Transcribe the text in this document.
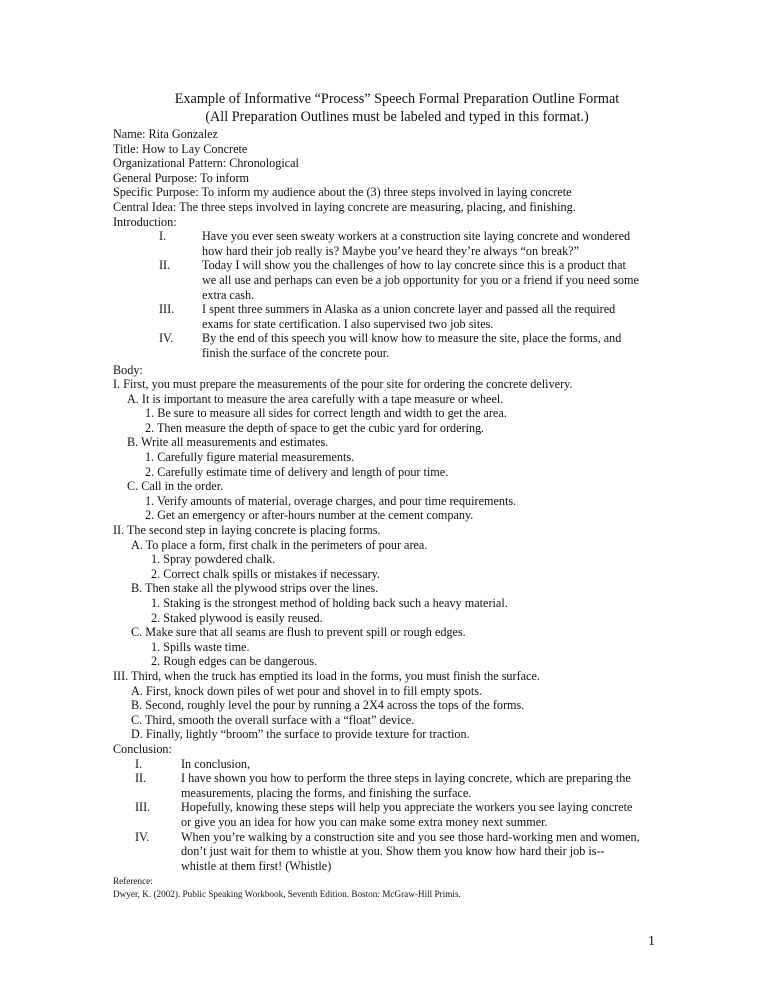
Example of Informative “Process” Speech Formal Preparation Outline Format
(All Preparation Outlines must be labeled and typed in this format.)
Name: Rita Gonzalez
Title: How to Lay Concrete
Organizational Pattern: Chronological
General Purpose: To inform
Specific Purpose: To inform my audience about the (3) three steps involved in laying concrete
Central Idea: The three steps involved in laying concrete are measuring, placing, and finishing.
Introduction:
I.	Have you ever seen sweaty workers at a construction site laying concrete and wondered
how hard their job really is? Maybe you’ve heard they’re always “on break?”
II.	Today I will show you the challenges of how to lay concrete since this is a product that
we all use and perhaps can even be a job opportunity for you or a friend if you need some
extra cash.
III.	I spent three summers in Alaska as a union concrete layer and passed all the required
exams for state certification. I also supervised two job sites.
IV.	By the end of this speech you will know how to measure the site, place the forms, and
finish the surface of the concrete pour.
Body:
I. First, you must prepare the measurements of the pour site for ordering the concrete delivery.
A. It is important to measure the area carefully with a tape measure or wheel.
1. Be sure to measure all sides for correct length and width to get the area.
2. Then measure the depth of space to get the cubic yard for ordering.
B. Write all measurements and estimates.
1. Carefully figure material measurements.
2. Carefully estimate time of delivery and length of pour time.
C. Call in the order.
1. Verify amounts of material, overage charges, and pour time requirements.
2. Get an emergency or after-hours number at the cement company.
II. The second step in laying concrete is placing forms.
A. To place a form, first chalk in the perimeters of pour area.
1. Spray powdered chalk.
2. Correct chalk spills or mistakes if necessary.
B. Then stake all the plywood strips over the lines.
1. Staking is the strongest method of holding back such a heavy material.
2. Staked plywood is easily reused.
C. Make sure that all seams are flush to prevent spill or rough edges.
1. Spills waste time.
2. Rough edges can be dangerous.
III. Third, when the truck has emptied its load in the forms, you must finish the surface.
A. First, knock down piles of wet pour and shovel in to fill empty spots.
B. Second, roughly level the pour by running a 2X4 across the tops of the forms.
C. Third, smooth the overall surface with a “float” device.
D. Finally, lightly “broom” the surface to provide texture for traction.
Conclusion:
I.	In conclusion,
II.	I have shown you how to perform the three steps in laying concrete, which are preparing the
measurements, placing the forms, and finishing the surface.
III.	Hopefully, knowing these steps will help you appreciate the workers you see laying concrete
or give you an idea for how you can make some extra money next summer.
IV.	When you’re walking by a construction site and you see those hard-working men and women,
don’t just wait for them to whistle at you. Show them you know how hard their job is--
whistle at them first! (Whistle)
Reference:
Dwyer, K. (2002). Public Speaking Workbook, Seventh Edition. Boston: McGraw-Hill Primis.
1
